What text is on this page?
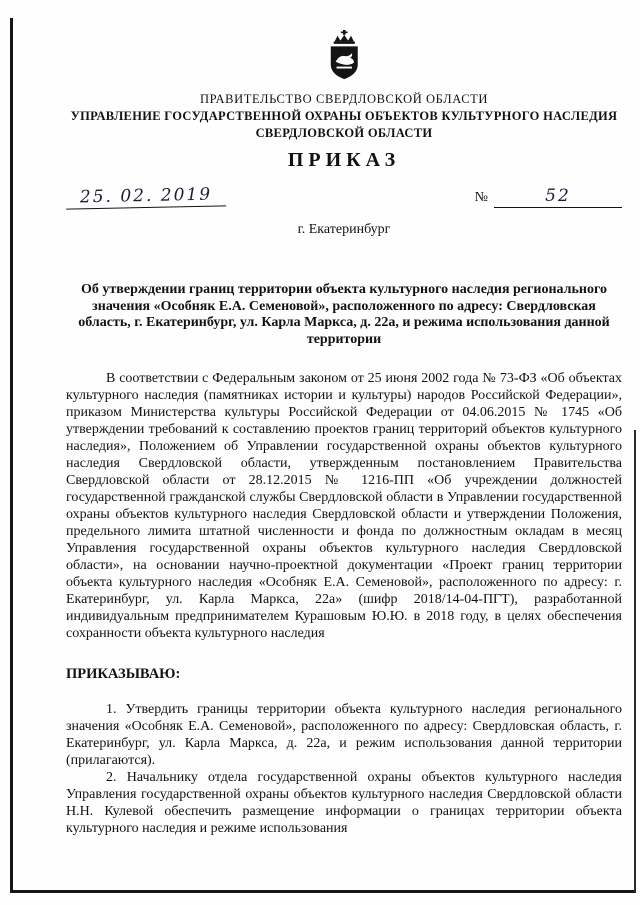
ПРАВИТЕЛЬСТВО СВЕРДЛОВСКОЙ ОБЛАСТИ
УПРАВЛЕНИЕ ГОСУДАРСТВЕННОЙ ОХРАНЫ ОБЪЕКТОВ КУЛЬТУРНОГО НАСЛЕДИЯ
СВЕРДЛОВСКОЙ ОБЛАСТИ
ПРИКАЗ
25. 02. 2019	№	52
г. Екатеринбург
Об утверждении границ территории объекта культурного наследия регионального значения «Особняк Е.А. Семеновой», расположенного по адресу: Свердловская область, г. Екатеринбург, ул. Карла Маркса, д. 22а, и режима использования данной территории

В соответствии с Федеральным законом от 25 июня 2002 года № 73-ФЗ «Об объектах культурного наследия (памятниках истории и культуры) народов Российской Федерации», приказом Министерства культуры Российской Федерации от 04.06.2015 № 1745 «Об утверждении требований к составлению проектов границ территорий объектов культурного наследия», Положением об Управлении государственной охраны объектов культурного наследия Свердловской области, утвержденным постановлением Правительства Свердловской области от 28.12.2015 № 1216-ПП «Об учреждении должностей государственной гражданской службы Свердловской области в Управлении государственной охраны объектов культурного наследия Свердловской области и утверждении Положения, предельного лимита штатной численности и фонда по должностным окладам в месяц Управления государственной охраны объектов культурного наследия Свердловской области», на основании научно-проектной документации «Проект границ территории объекта культурного наследия «Особняк Е.А. Семеновой», расположенного по адресу: г. Екатеринбург, ул. Карла Маркса, 22а» (шифр 2018/14-04-ПГТ), разработанной индивидуальным предпринимателем Курашовым Ю.Ю. в 2018 году, в целях обеспечения сохранности объекта культурного наследия

ПРИКАЗЫВАЮ:

1. Утвердить границы территории объекта культурного наследия регионального значения «Особняк Е.А. Семеновой», расположенного по адресу: Свердловская область, г. Екатеринбург, ул. Карла Маркса, д. 22а, и режим использования данной территории (прилагаются).

2. Начальнику отдела государственной охраны объектов культурного наследия Управления государственной охраны объектов культурного наследия Свердловской области Н.Н. Кулевой обеспечить размещение информации о границах территории объекта культурного наследия и режиме использования
